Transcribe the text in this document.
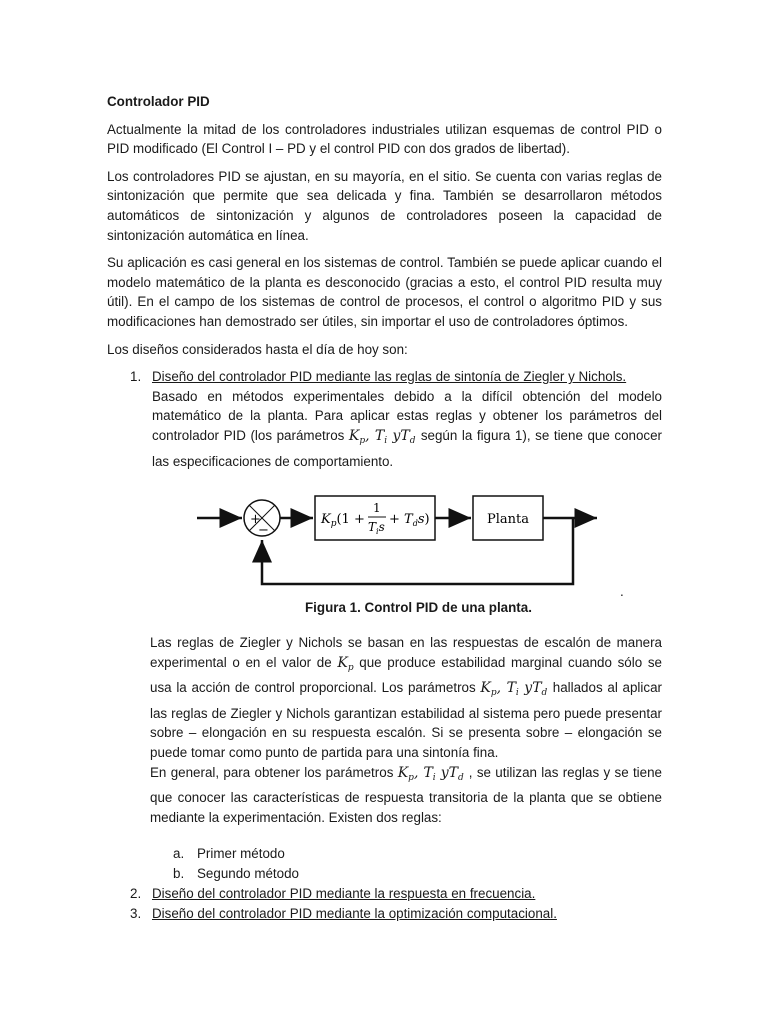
Controlador PID

Actualmente la mitad de los controladores industriales utilizan esquemas de control PID o PID modificado (El Control I – PD y el control PID con dos grados de libertad).

Los controladores PID se ajustan, en su mayoría, en el sitio. Se cuenta con varias reglas de sintonización que permite que sea delicada y fina. También se desarrollaron métodos automáticos de sintonización y algunos de controladores poseen la capacidad de sintonización automática en línea.

Su aplicación es casi general en los sistemas de control. También se puede aplicar cuando el modelo matemático de la planta es desconocido (gracias a esto, el control PID resulta muy útil). En el campo de los sistemas de control de procesos, el control o algoritmo PID y sus modificaciones han demostrado ser útiles, sin importar el uso de controladores óptimos.

Los diseños considerados hasta el día de hoy son:

1. Diseño del controlador PID mediante las reglas de sintonía de Ziegler y Nichols.
Basado en métodos experimentales debido a la difícil obtención del modelo matemático de la planta. Para aplicar estas reglas y obtener los parámetros del controlador PID (los parámetros $K_p$, $T_i$ $yT_d$ según la figura 1), se tiene que conocer las especificaciones de comportamiento.
+
−
$K_p(1$ +
1
$T_is + T_ds$)	Planta
.
Figura 1. Control PID de una planta.

Las reglas de Ziegler y Nichols se basan en las respuestas de escalón de manera experimental o en el valor de $K_p$ que produce estabilidad marginal cuando sólo se usa la acción de control proporcional. Los parámetros $K_p$, $T_i$ $yT_d$ hallados al aplicar las reglas de Ziegler y Nichols garantizan estabilidad al sistema pero puede presentar sobre – elongación en su respuesta escalón. Si se presenta sobre – elongación se puede tomar como punto de partida para una sintonía fina.

En general, para obtener los parámetros $K_p$, $T_i$ $yT_d$ , se utilizan las reglas y se tiene que conocer las características de respuesta transitoria de la planta que se obtiene mediante la experimentación. Existen dos reglas:

a. Primer método
b. Segundo método
2. Diseño del controlador PID mediante la respuesta en frecuencia.
3. Diseño del controlador PID mediante la optimización computacional.
